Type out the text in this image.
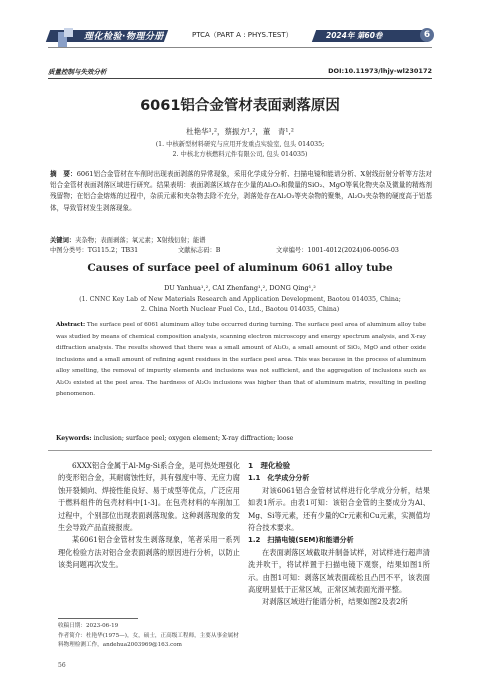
理化检验·物理分册	PTCA（PART A : PHYS.TEST）	2024年 第60卷	6
质量控制与失效分析	DOI:10.11973/lhjy-wl230172
6061铝合金管材表面剥落原因
杜艳华¹,²，蔡振方¹,²，董　青¹,²
(1. 中核新型材料研究与应用开发重点实验室, 包头 014035;
2. 中核北方核燃料元件有限公司, 包头 014035)
摘　要：6061铝合金管材在车削时出现表面剥落的异常现象，采用化学成分分析、扫描电镜和能谱分析、X射线衍射分析等方法对铝合金管材表面剥落区域进行研究。结果表明：表面剥落区域存在少量的Al₂O₃和微量的SiO₂、MgO等氧化物夹杂及微量的精炼剂残留物；在铝合金熔炼的过程中，杂质元素和夹杂物去除不充分，剥落处存在Al₂O₃等夹杂物的聚集，Al₂O₃夹杂物的硬度高于铝基体，导致管材发生剥落现象。
关键词：夹杂物；表面剥落；氧元素；X射线衍射；能谱
中图分类号：TG115.2；TB31	文献标志码：B	文章编号：1001-4012(2024)06-0056-03
Causes of surface peel of aluminum 6061 alloy tube
DU Yanhua¹,², CAI Zhenfang¹,², DONG Qing¹,²
(1. CNNC Key Lab of New Materials Research and Application Development, Baotou 014035, China;
2. China North Nuclear Fuel Co., Ltd., Baotou 014035, China)
Abstract: The surface peel of 6061 aluminum alloy tube occurred during turning. The surface peel area of aluminum alloy tube was studied by means of chemical composition analysis, scanning electron microscopy and energy spectrum analysis, and X-ray diffraction analysis. The results showed that there was a small amount of Al₂O₃, a small amount of SiO₂, MgO and other oxide inclusions and a small amount of refining agent residues in the surface peel area. This was because in the process of aluminum alloy smelting, the removal of impurity elements and inclusions was not sufficient, and the aggregation of inclusions such as Al₂O₃ existed at the peel area. The hardness of Al₂O₃ inclusions was higher than that of aluminum matrix, resulting in peeling phenomenon.
Keywords: inclusion; surface peel; oxygen element; X-ray diffraction; loose
6XXX铝合金属于Al-Mg-Si系合金，是可热处理强化的变形铝合金，其耐腐蚀性好，具有强度中等、无应力腐蚀开裂倾向、焊接性能良好、易于成型等优点，广泛应用于燃料组件的包壳材料中[1-3]。在包壳材料的车削加工过程中，个别部位出现表面剥落现象。这种剥落现象的发生会导致产品直接报废。
某6061铝合金管材发生剥落现象，笔者采用一系列理化检验方法对铝合金表面剥落的原因进行分析，以防止该类问题再次发生。
1　理化检验
1.1　化学成分分析
对该6061铝合金管材试样进行化学成分分析，结果如表1所示。由表1可知：该铝合金管的主要成分为Al、Mg、Si等元素，还有少量的Cr元素和Cu元素，实测值均符合技术要求。
1.2　扫描电镜(SEM)和能谱分析
在表面剥落区域截取并制备试样，对试样进行超声清洗并吹干，将试样置于扫描电镜下观察，结果如图1所示。由图1可知：剥落区域表面疏松且凸凹不平，该表面高度明显低于正常区域，正常区域表面光滑平整。
对剥落区域进行能谱分析，结果如图2及表2所
收稿日期：2023-06-19
作者简介：杜艳华(1975—)，女，硕士，正高级工程师，主要从事金属材料物理检测工作，andehua2003969@163.com
56
